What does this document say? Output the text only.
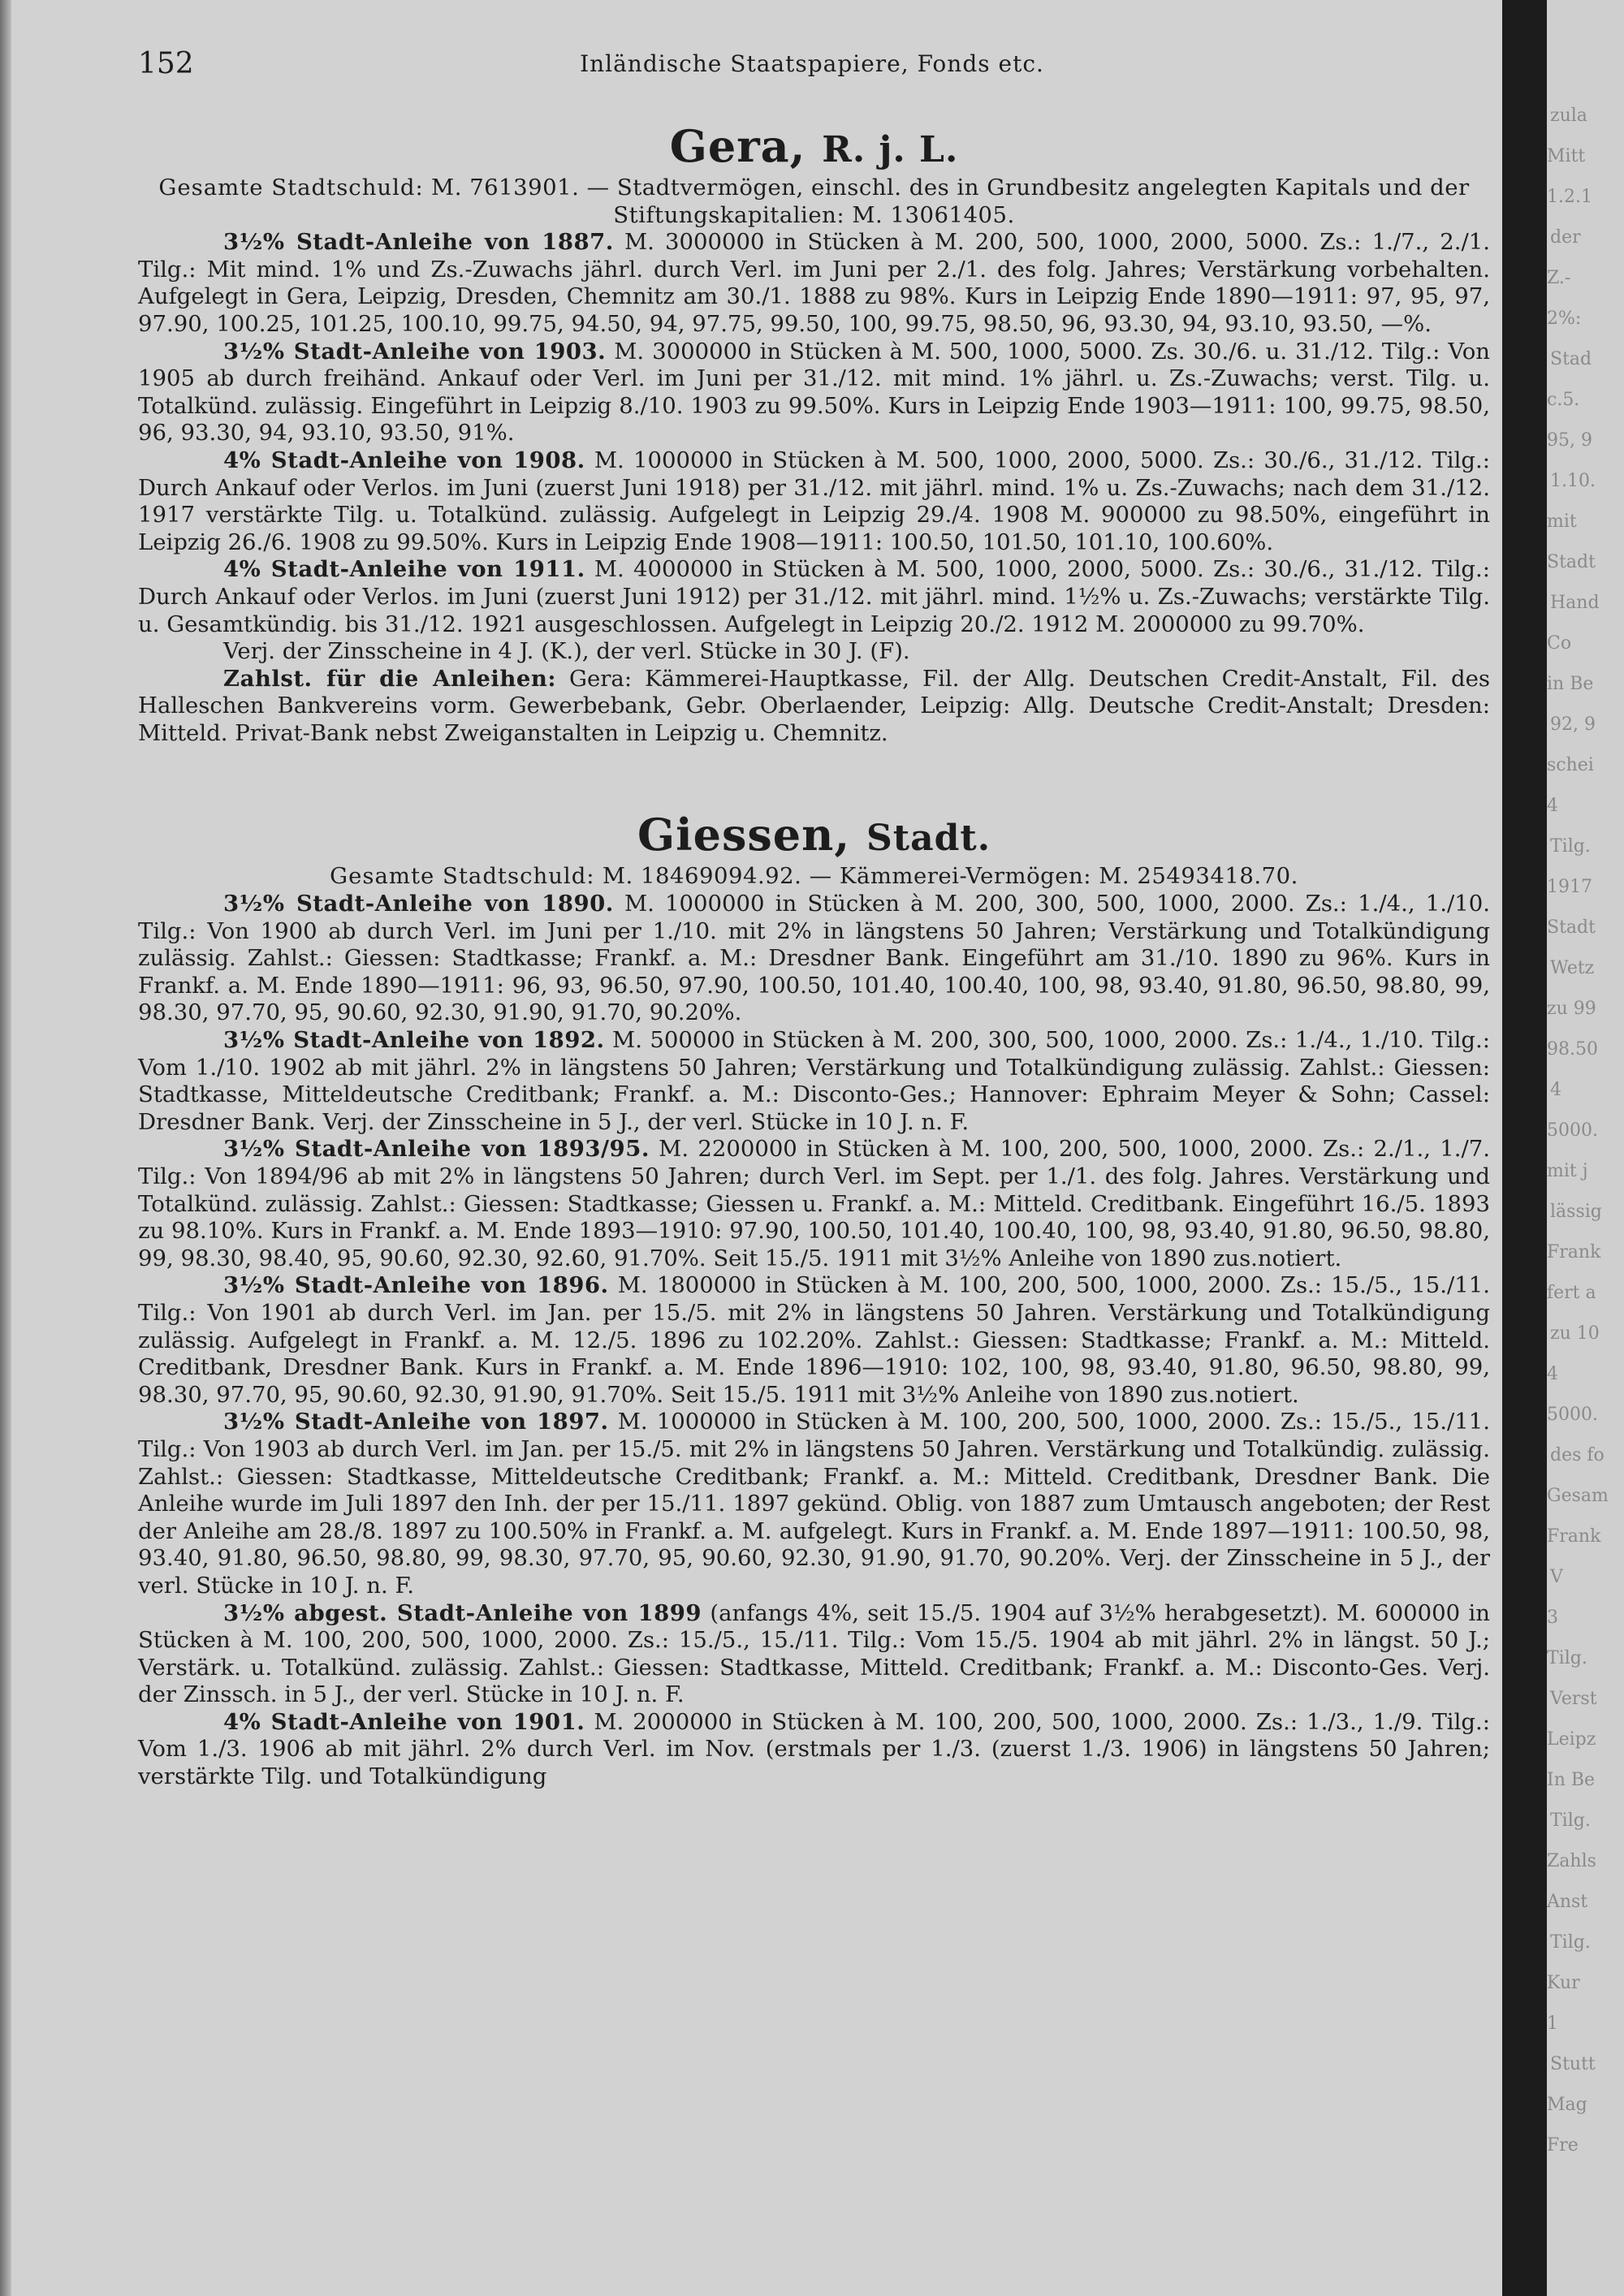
152	Inländische Staatspapiere, Fonds etc.
Gera, R. j. L.

Gesamte Stadtschuld: M. 7613901. — Stadtvermögen, einschl. des in Grundbesitz angelegten Kapitals und der Stiftungskapitalien: M. 13061405.

3½% Stadt-Anleihe von 1887. M. 3000000 in Stücken à M. 200, 500, 1000, 2000, 5000. Zs.: 1./7., 2./1. Tilg.: Mit mind. 1% und Zs.-Zuwachs jährl. durch Verl. im Juni per 2./1. des folg. Jahres; Verstärkung vorbehalten. Aufgelegt in Gera, Leipzig, Dresden, Chemnitz am 30./1. 1888 zu 98%. Kurs in Leipzig Ende 1890—1911: 97, 95, 97, 97.90, 100.25, 101.25, 100.10, 99.75, 94.50, 94, 97.75, 99.50, 100, 99.75, 98.50, 96, 93.30, 94, 93.10, 93.50, —%.

3½% Stadt-Anleihe von 1903. M. 3000000 in Stücken à M. 500, 1000, 5000. Zs. 30./6. u. 31./12. Tilg.: Von 1905 ab durch freihänd. Ankauf oder Verl. im Juni per 31./12. mit mind. 1% jährl. u. Zs.-Zuwachs; verst. Tilg. u. Totalkünd. zulässig. Eingeführt in Leipzig 8./10. 1903 zu 99.50%. Kurs in Leipzig Ende 1903—1911: 100, 99.75, 98.50, 96, 93.30, 94, 93.10, 93.50, 91%.

4% Stadt-Anleihe von 1908. M. 1000000 in Stücken à M. 500, 1000, 2000, 5000. Zs.: 30./6., 31./12. Tilg.: Durch Ankauf oder Verlos. im Juni (zuerst Juni 1918) per 31./12. mit jährl. mind. 1% u. Zs.-Zuwachs; nach dem 31./12. 1917 verstärkte Tilg. u. Totalkünd. zulässig. Aufgelegt in Leipzig 29./4. 1908 M. 900000 zu 98.50%, eingeführt in Leipzig 26./6. 1908 zu 99.50%. Kurs in Leipzig Ende 1908—1911: 100.50, 101.50, 101.10, 100.60%.

4% Stadt-Anleihe von 1911. M. 4000000 in Stücken à M. 500, 1000, 2000, 5000. Zs.: 30./6., 31./12. Tilg.: Durch Ankauf oder Verlos. im Juni (zuerst Juni 1912) per 31./12. mit jährl. mind. 1½% u. Zs.-Zuwachs; verstärkte Tilg. u. Gesamtkündig. bis 31./12. 1921 ausgeschlossen. Aufgelegt in Leipzig 20./2. 1912 M. 2000000 zu 99.70%.

Verj. der Zinsscheine in 4 J. (K.), der verl. Stücke in 30 J. (F).

Zahlst. für die Anleihen: Gera: Kämmerei-Hauptkasse, Fil. der Allg. Deutschen Credit-Anstalt, Fil. des Halleschen Bankvereins vorm. Gewerbebank, Gebr. Oberlaender, Leipzig: Allg. Deutsche Credit-Anstalt; Dresden: Mitteld. Privat-Bank nebst Zweiganstalten in Leipzig u. Chemnitz.

Giessen, Stadt.

Gesamte Stadtschuld: M. 18469094.92. — Kämmerei-Vermögen: M. 25493418.70.

3½% Stadt-Anleihe von 1890. M. 1000000 in Stücken à M. 200, 300, 500, 1000, 2000. Zs.: 1./4., 1./10. Tilg.: Von 1900 ab durch Verl. im Juni per 1./10. mit 2% in längstens 50 Jahren; Verstärkung und Totalkündigung zulässig. Zahlst.: Giessen: Stadtkasse; Frankf. a. M.: Dresdner Bank. Eingeführt am 31./10. 1890 zu 96%. Kurs in Frankf. a. M. Ende 1890—1911: 96, 93, 96.50, 97.90, 100.50, 101.40, 100.40, 100, 98, 93.40, 91.80, 96.50, 98.80, 99, 98.30, 97.70, 95, 90.60, 92.30, 91.90, 91.70, 90.20%.

3½% Stadt-Anleihe von 1892. M. 500000 in Stücken à M. 200, 300, 500, 1000, 2000. Zs.: 1./4., 1./10. Tilg.: Vom 1./10. 1902 ab mit jährl. 2% in längstens 50 Jahren; Verstärkung und Totalkündigung zulässig. Zahlst.: Giessen: Stadtkasse, Mitteldeutsche Creditbank; Frankf. a. M.: Disconto-Ges.; Hannover: Ephraim Meyer & Sohn; Cassel: Dresdner Bank. Verj. der Zinsscheine in 5 J., der verl. Stücke in 10 J. n. F.

3½% Stadt-Anleihe von 1893/95. M. 2200000 in Stücken à M. 100, 200, 500, 1000, 2000. Zs.: 2./1., 1./7. Tilg.: Von 1894/96 ab mit 2% in längstens 50 Jahren; durch Verl. im Sept. per 1./1. des folg. Jahres. Verstärkung und Totalkünd. zulässig. Zahlst.: Giessen: Stadtkasse; Giessen u. Frankf. a. M.: Mitteld. Creditbank. Eingeführt 16./5. 1893 zu 98.10%. Kurs in Frankf. a. M. Ende 1893—1910: 97.90, 100.50, 101.40, 100.40, 100, 98, 93.40, 91.80, 96.50, 98.80, 99, 98.30, 98.40, 95, 90.60, 92.30, 92.60, 91.70%. Seit 15./5. 1911 mit 3½% Anleihe von 1890 zus.notiert.

3½% Stadt-Anleihe von 1896. M. 1800000 in Stücken à M. 100, 200, 500, 1000, 2000. Zs.: 15./5., 15./11. Tilg.: Von 1901 ab durch Verl. im Jan. per 15./5. mit 2% in längstens 50 Jahren. Verstärkung und Totalkündigung zulässig. Aufgelegt in Frankf. a. M. 12./5. 1896 zu 102.20%. Zahlst.: Giessen: Stadtkasse; Frankf. a. M.: Mitteld. Creditbank, Dresdner Bank. Kurs in Frankf. a. M. Ende 1896—1910: 102, 100, 98, 93.40, 91.80, 96.50, 98.80, 99, 98.30, 97.70, 95, 90.60, 92.30, 91.90, 91.70%. Seit 15./5. 1911 mit 3½% Anleihe von 1890 zus.notiert.

3½% Stadt-Anleihe von 1897. M. 1000000 in Stücken à M. 100, 200, 500, 1000, 2000. Zs.: 15./5., 15./11. Tilg.: Von 1903 ab durch Verl. im Jan. per 15./5. mit 2% in längstens 50 Jahren. Verstärkung und Totalkündig. zulässig. Zahlst.: Giessen: Stadtkasse, Mitteldeutsche Creditbank; Frankf. a. M.: Mitteld. Creditbank, Dresdner Bank. Die Anleihe wurde im Juli 1897 den Inh. der per 15./11. 1897 gekünd. Oblig. von 1887 zum Umtausch angeboten; der Rest der Anleihe am 28./8. 1897 zu 100.50% in Frankf. a. M. aufgelegt. Kurs in Frankf. a. M. Ende 1897—1911: 100.50, 98, 93.40, 91.80, 96.50, 98.80, 99, 98.30, 97.70, 95, 90.60, 92.30, 91.90, 91.70, 90.20%. Verj. der Zinsscheine in 5 J., der verl. Stücke in 10 J. n. F.

3½% abgest. Stadt-Anleihe von 1899 (anfangs 4%, seit 15./5. 1904 auf 3½% herabgesetzt). M. 600000 in Stücken à M. 100, 200, 500, 1000, 2000. Zs.: 15./5., 15./11. Tilg.: Vom 15./5. 1904 ab mit jährl. 2% in längst. 50 J.; Verstärk. u. Totalkünd. zulässig. Zahlst.: Giessen: Stadtkasse, Mitteld. Creditbank; Frankf. a. M.: Disconto-Ges. Verj. der Zinssch. in 5 J., der verl. Stücke in 10 J. n. F.

4% Stadt-Anleihe von 1901. M. 2000000 in Stücken à M. 100, 200, 500, 1000, 2000. Zs.: 1./3., 1./9. Tilg.: Vom 1./3. 1906 ab mit jährl. 2% durch Verl. im Nov. (erstmals per 1./3. (zuerst 1./3. 1906) in längstens 50 Jahren; verstärkte Tilg. und Totalkündigung

zula
Mitt
1.2.1
der
Z.-
2%:
Stad
c.5.
95, 9
1.10.
mit
Stadt
Hand
Co
in Be
92, 9
schei
4
Tilg.
1917
Stadt
Wetz
zu 99
98.50
4
5000.
mit j
lässig
Frank
fert a
zu 10
4
5000.
des fo
Gesam
Frank
V
3
Tilg.
Verst
Leipz
In Be
Tilg.
Zahls
Anst
Tilg.
Kur
1
Stutt
Mag
Fre
